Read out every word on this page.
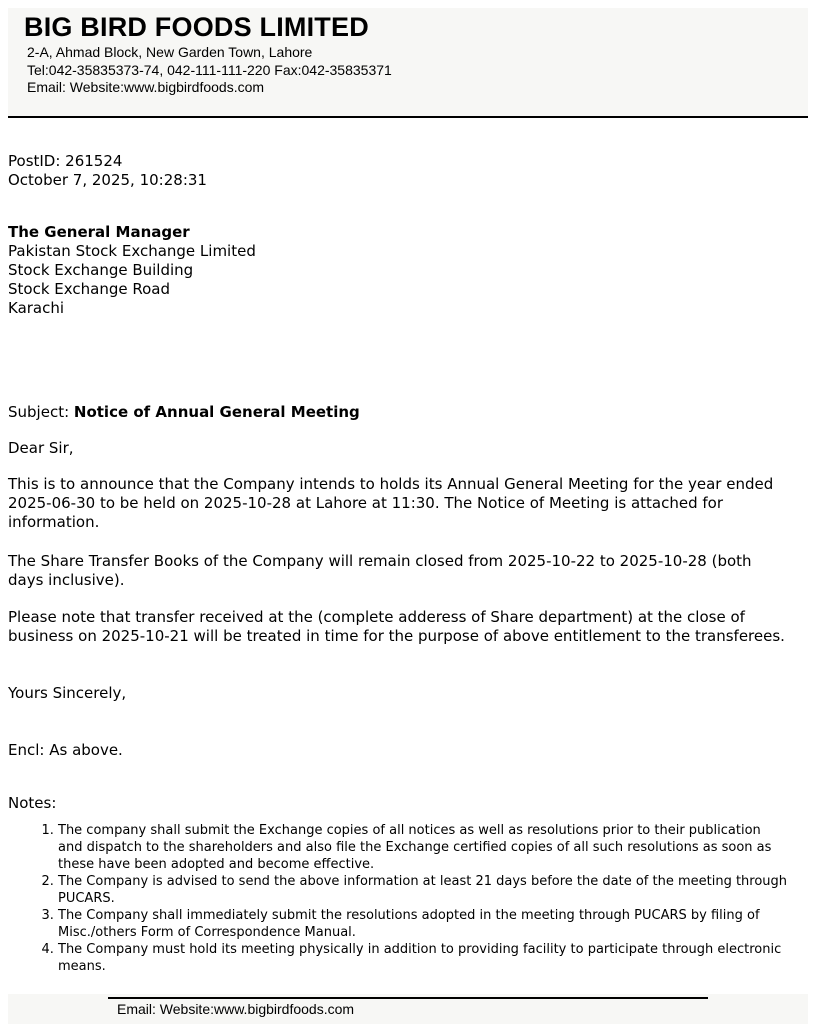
BIG BIRD FOODS LIMITED
2-A, Ahmad Block, New Garden Town, Lahore
Tel:042-35835373-74, 042-111-111-220 Fax:042-35835371
Email: Website:www.bigbirdfoods.com
PostID: 261524
October 7, 2025, 10:28:31
The General Manager
Pakistan Stock Exchange Limited
Stock Exchange Building
Stock Exchange Road
Karachi
Subject: Notice of Annual General Meeting
Dear Sir,
This is to announce that the Company intends to holds its Annual General Meeting for the year ended 2025-06-30 to be held on 2025-10-28 at Lahore at 11:30. The Notice of Meeting is attached for information.
The Share Transfer Books of the Company will remain closed from 2025-10-22 to 2025-10-28 (both days inclusive).
Please note that transfer received at the (complete adderess of Share department) at the close of business on 2025-10-21 will be treated in time for the purpose of above entitlement to the transferees.
Yours Sincerely,
Encl: As above.
Notes:
1. The company shall submit the Exchange copies of all notices as well as resolutions prior to their publication and dispatch to the shareholders and also file the Exchange certified copies of all such resolutions as soon as these have been adopted and become effective.
2. The Company is advised to send the above information at least 21 days before the date of the meeting through PUCARS.
3. The Company shall immediately submit the resolutions adopted in the meeting through PUCARS by filing of Misc./others Form of Correspondence Manual.
4. The Company must hold its meeting physically in addition to providing facility to participate through electronic means.
Email: Website:www.bigbirdfoods.com
